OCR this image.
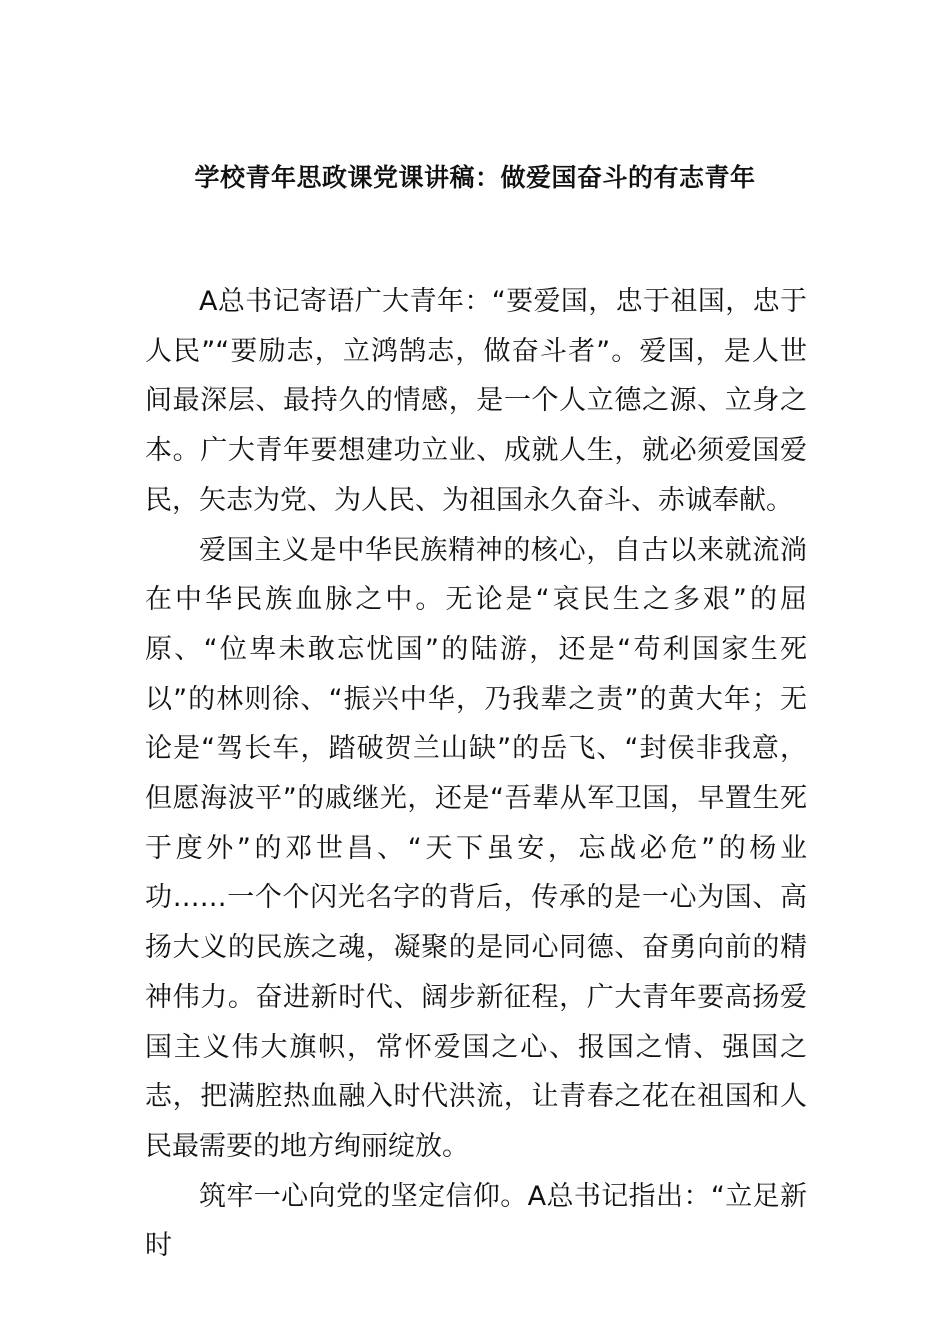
学校青年思政课党课讲稿：做爱国奋斗的有志青年

A总书记寄语广大青年：“要爱国，忠于祖国，忠于人民”“要励志，立鸿鹄志，做奋斗者”。爱国，是人世间最深层、最持久的情感，是一个人立德之源、立身之本。广大青年要想建功立业、成就人生，就必须爱国爱民，矢志为党、为人民、为祖国永久奋斗、赤诚奉献。

爱国主义是中华民族精神的核心，自古以来就流淌在中华民族血脉之中。无论是“哀民生之多艰”的屈原、“位卑未敢忘忧国”的陆游，还是“苟利国家生死以”的林则徐、“振兴中华，乃我辈之责”的黄大年；无论是“驾长车，踏破贺兰山缺”的岳飞、“封侯非我意，但愿海波平”的戚继光，还是“吾辈从军卫国，早置生死于度外”的邓世昌、“天下虽安，忘战必危”的杨业功……一个个闪光名字的背后，传承的是一心为国、高扬大义的民族之魂，凝聚的是同心同德、奋勇向前的精神伟力。奋进新时代、阔步新征程，广大青年要高扬爱国主义伟大旗帜，常怀爱国之心、报国之情、强国之志，把满腔热血融入时代洪流，让青春之花在祖国和人民最需要的地方绚丽绽放。

筑牢一心向党的坚定信仰。A总书记指出：“立足新时
